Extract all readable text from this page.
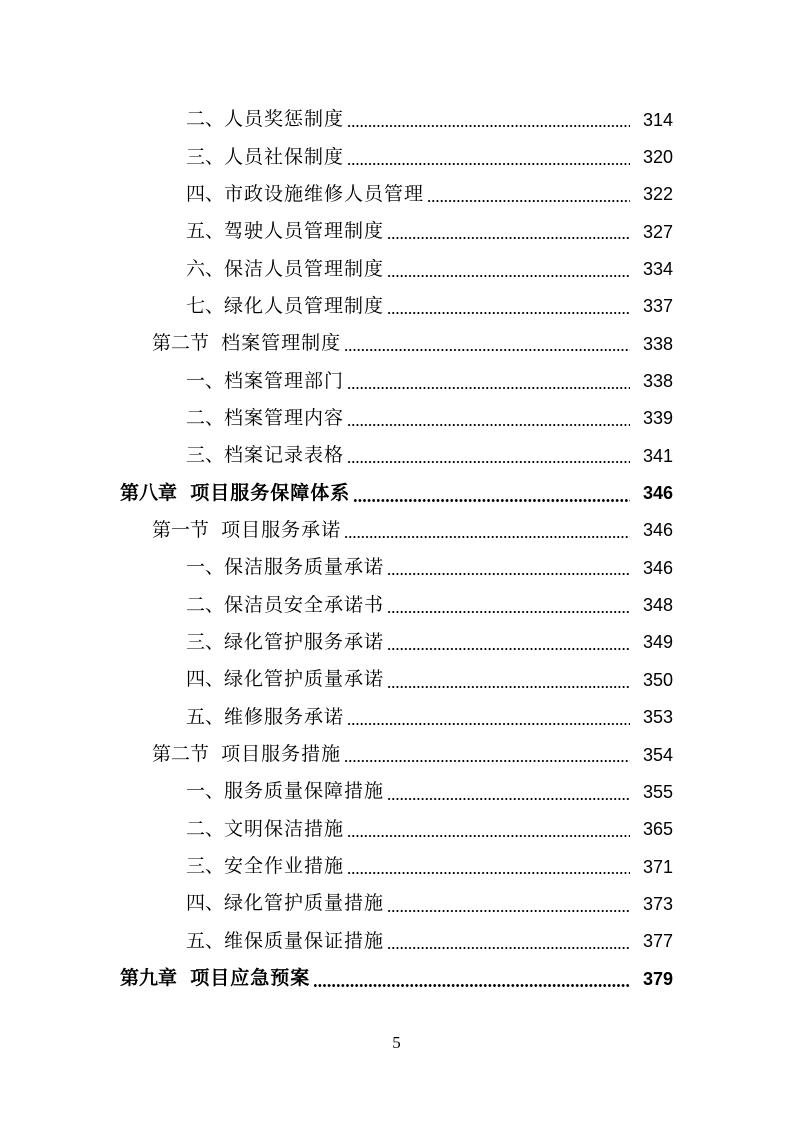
二、 人员奖惩制度	314
三、 人员社保制度	320
四、 市政设施维修人员管理	322
五、 驾驶人员管理制度	327
六、 保洁人员管理制度	334
七、 绿化人员管理制度	337
第二节 档案管理制度	338
一、 档案管理部门	338
二、 档案管理内容	339
三、 档案记录表格	341
第八章 项目服务保障体系	346
第一节 项目服务承诺	346
一、 保洁服务质量承诺	346
二、 保洁员安全承诺书	348
三、 绿化管护服务承诺	349
四、 绿化管护质量承诺	350
五、 维修服务承诺	353
第二节 项目服务措施	354
一、 服务质量保障措施	355
二、 文明保洁措施	365
三、 安全作业措施	371
四、 绿化管护质量措施	373
五、 维保质量保证措施	377
第九章 项目应急预案	379
5
